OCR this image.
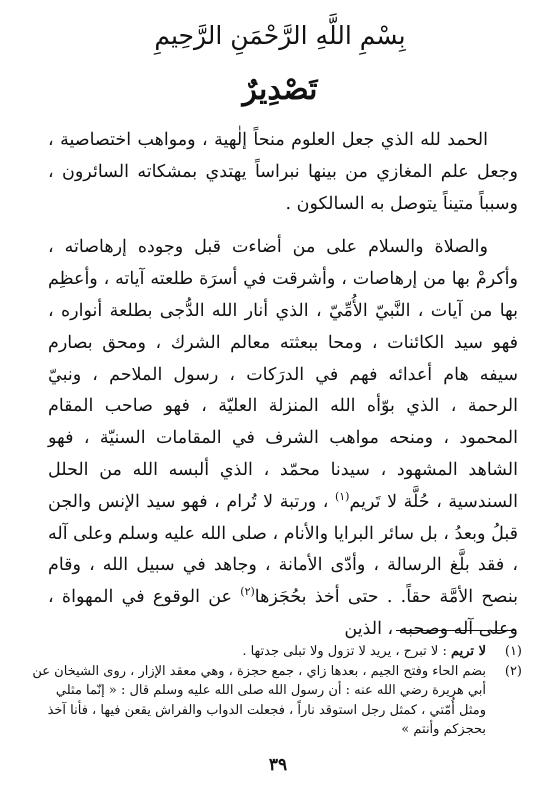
بِسْمِ اللَّهِ الرَّحْمَنِ الرَّحِيمِ
تَصْدِيرٌ

الحمد لله الذي جعل العلوم منحاً إلٰهية ، ومواهب اختصاصية ، وجعل علم المغازي من بينها نبراساً يهتدي بمشكاته السائرون ، وسبباً متيناً يتوصل به السالكون .

والصلاة والسلام على من أضاءت قبل وجوده إرهاصاته ، وأكرمْ بها من إرهاصات ، وأشرقت في أسرَة طلعته آياته ، وأعظِم بها من آيات ، النَّبيّ الأُمِّيّ ، الذي أنار الله الدُّجى بطلعة أنواره ، فهو سيد الكائنات ، ومحا ببعثته معالم الشرك ، ومحق بصارم سيفه هام أعدائه فهم في الدرَكات ، رسول الملاحم ، ونبيّ الرحمة ، الذي بوّأه الله المنزلة العليّة ، فهو صاحب المقام المحمود ، ومنحه مواهب الشرف في المقامات السنيّة ، فهو الشاهد المشهود ، سيدنا محمّد ، الذي ألبسه الله من الحلل السندسية ، حُلَّة لا تَريم$^{(١)}$ ، ورتبة لا تُرام ، فهو سيد الإنس والجن قبلُ وبعدُ ، بل سائر البرايا والأنام ، صلى الله عليه وسلم وعلى آله ، فقد بلَّغ الرسالة ، وأدّى الأمانة ، وجاهد في سبيل الله ، وقام بنصح الأمَّة حقاً. . حتى أخذ بحُجَزها$^{(٢)}$ عن الوقوع في المهواة ، وعلى آله وصحبه ، الذين

(١)
لا تريم : لا تبرح ، يريد لا تزول ولا تبلى جدتها .
(٢)
بضم الحاء وفتح الجيم ، بعدها زاي ، جمع حجزة ، وهي معقد الإزار ، روى الشيخان عن أبي هريرة رضي الله عنه : أن رسول الله صلى الله عليه وسلم قال : « إنّما مثلي ومثل أُمّتي ، كمثل رجل استوقد ناراً ، فجعلت الدواب والفراش يقعن فيها ، فأنا آخذ بحجزكم وأنتم »
٣٩
